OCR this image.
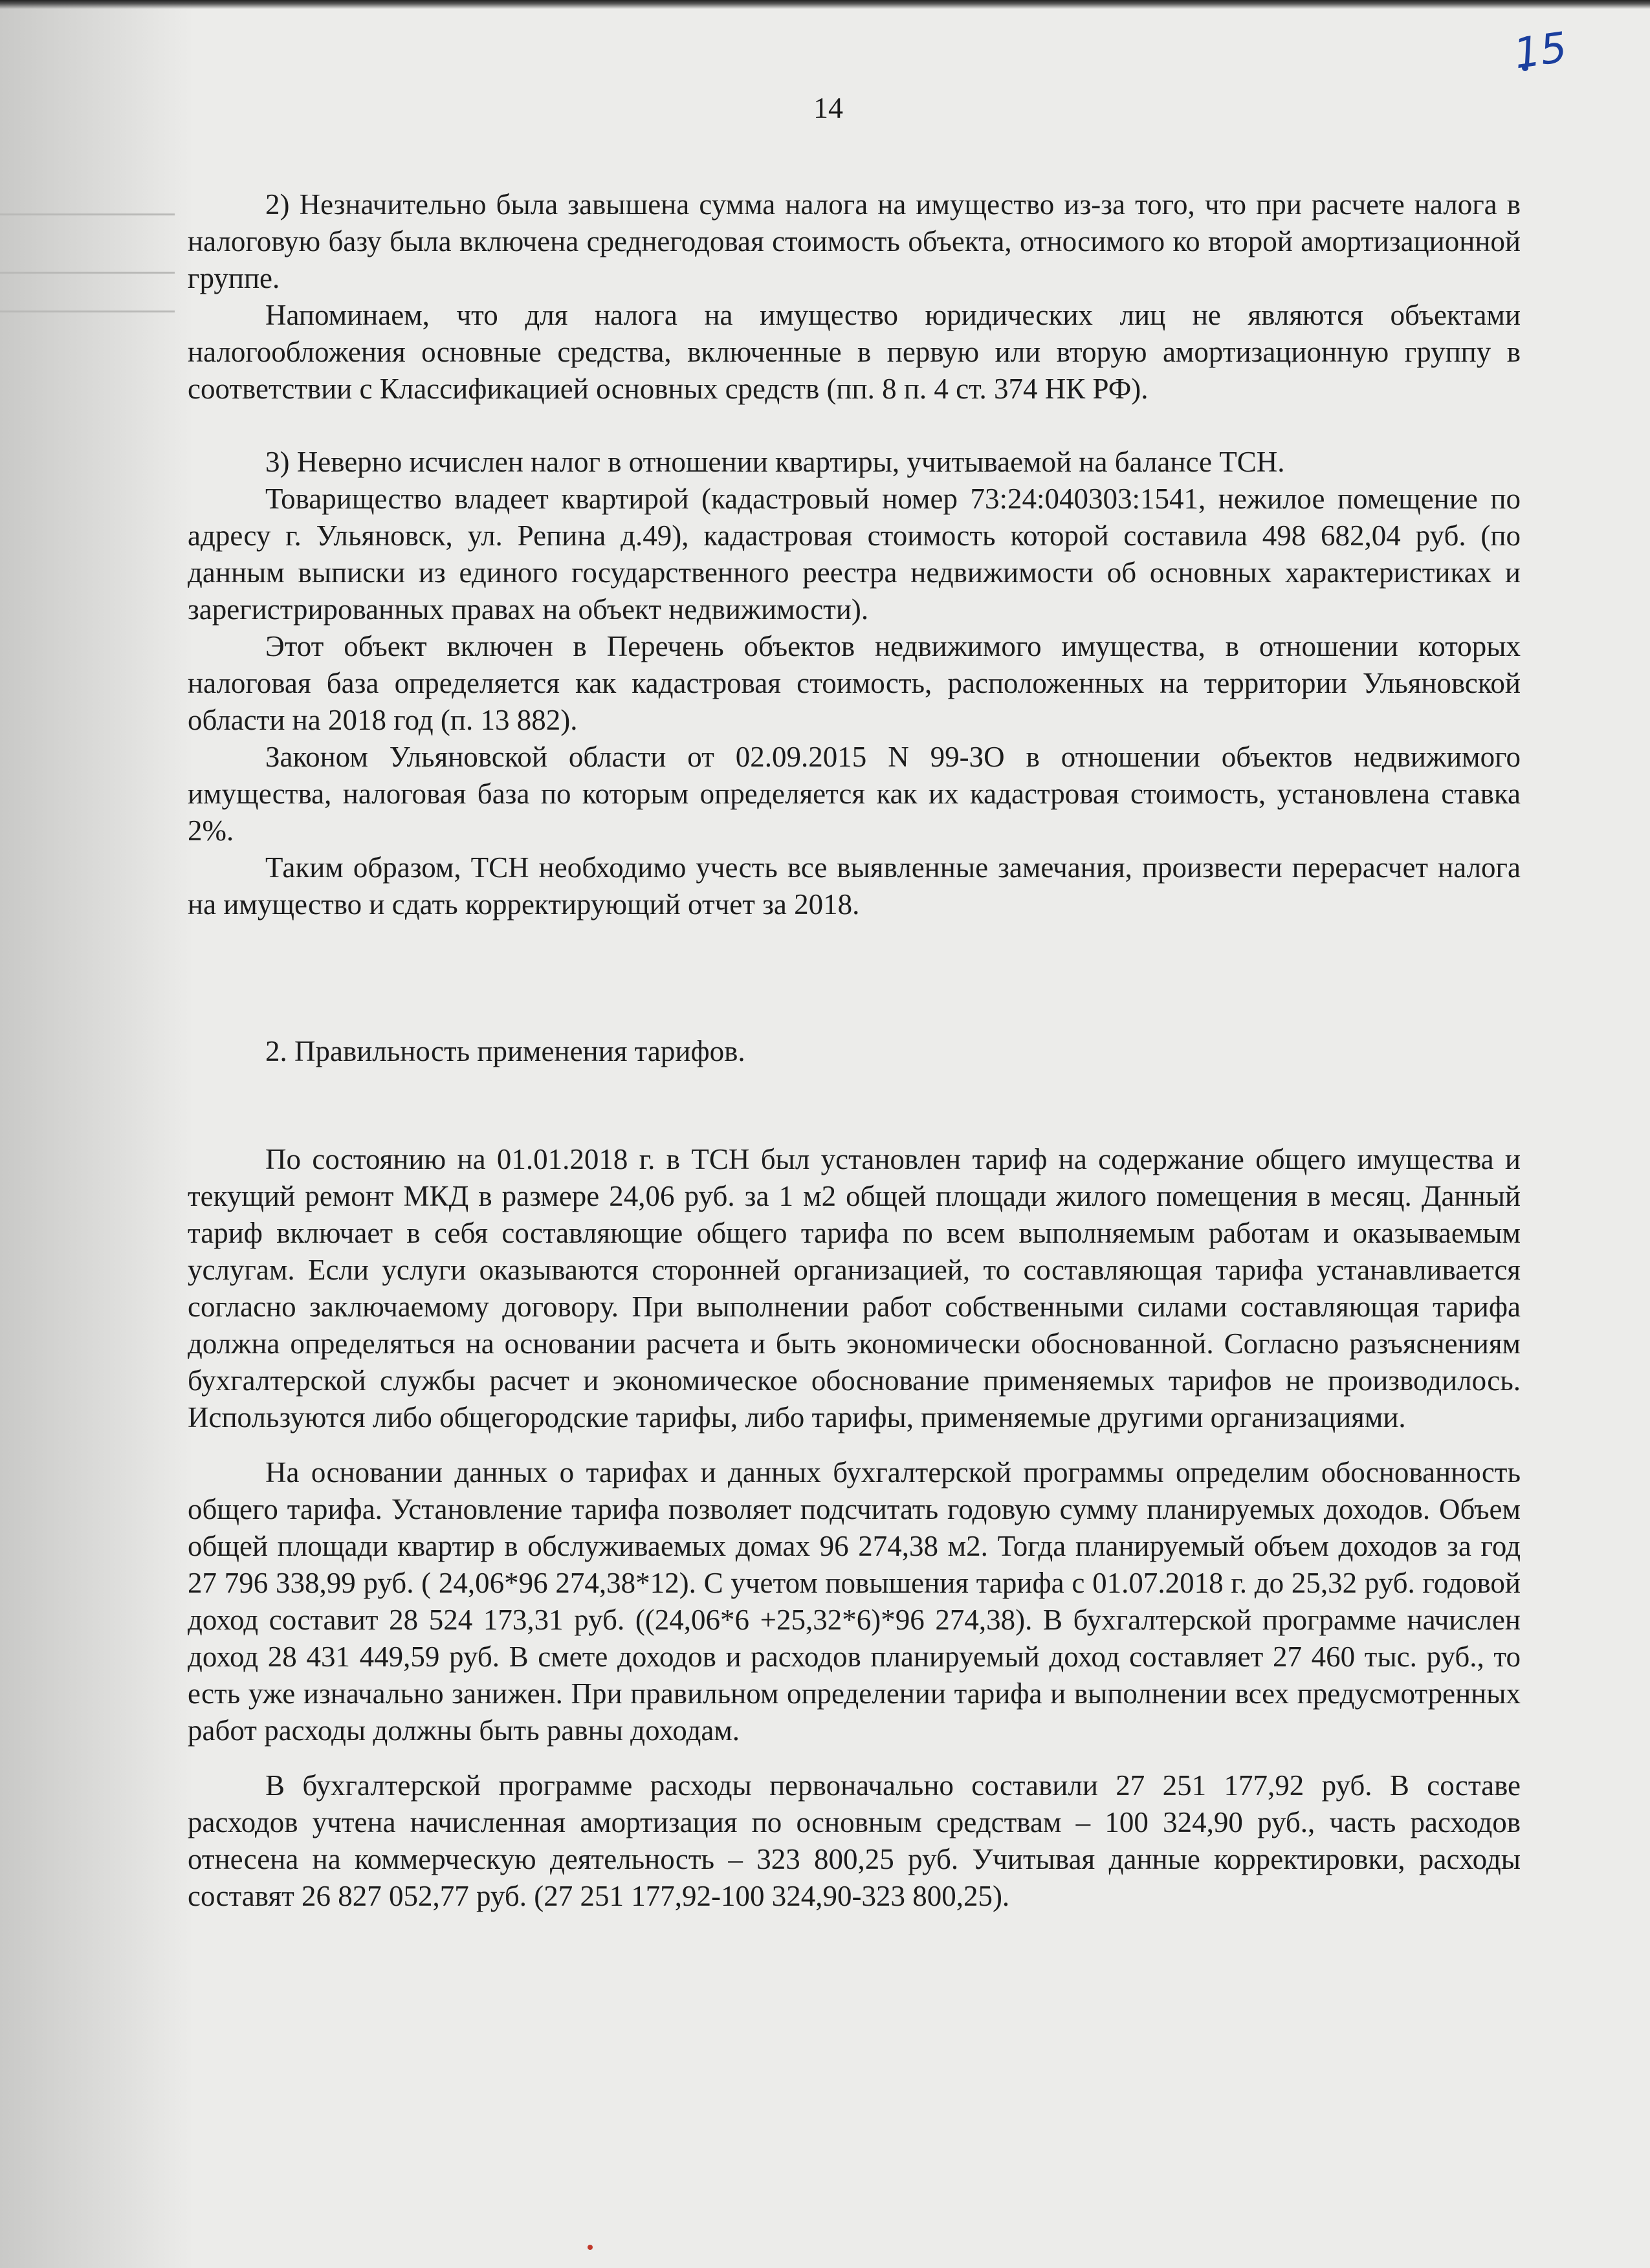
15
14

2) Незначительно была завышена сумма налога на имущество из-за того, что при расчете налога в налоговую базу была включена среднегодовая стоимость объекта, относимого ко второй амортизационной группе.

Напоминаем, что для налога на имущество юридических лиц не являются объектами налогообложения основные средства, включенные в первую или вторую амортизационную группу в соответствии с Классификацией основных средств (пп. 8 п. 4 ст. 374 НК РФ).

3) Неверно исчислен налог в отношении квартиры, учитываемой на балансе ТСН.

Товарищество владеет квартирой (кадастровый номер 73:24:040303:1541, нежилое помещение по адресу г. Ульяновск, ул. Репина д.49), кадастровая стоимость которой составила 498 682,04 руб. (по данным выписки из единого государственного реестра недвижимости об основных характеристиках и зарегистрированных правах на объект недвижимости).

Этот объект включен в Перечень объектов недвижимого имущества, в отношении которых налоговая база определяется как кадастровая стоимость, расположенных на территории Ульяновской области на 2018 год (п. 13 882).

Законом Ульяновской области от 02.09.2015 N 99-ЗО в отношении объектов недвижимого имущества, налоговая база по которым определяется как их кадастровая стоимость, установлена ставка 2%.

Таким образом, ТСН необходимо учесть все выявленные замечания, произвести перерасчет налога на имущество и сдать корректирующий отчет за 2018.

2. Правильность применения тарифов.

По состоянию на 01.01.2018 г. в ТСН был установлен тариф на содержание общего имущества и текущий ремонт МКД в размере 24,06 руб. за 1 м2 общей площади жилого помещения в месяц. Данный тариф включает в себя составляющие общего тарифа по всем выполняемым работам и оказываемым услугам. Если услуги оказываются сторонней организацией, то составляющая тарифа устанавливается согласно заключаемому договору. При выполнении работ собственными силами составляющая тарифа должна определяться на основании расчета и быть экономически обоснованной. Согласно разъяснениям бухгалтерской службы расчет и экономическое обоснование применяемых тарифов не производилось. Используются либо общегородские тарифы, либо тарифы, применяемые другими организациями.

На основании данных о тарифах и данных бухгалтерской программы определим обоснованность общего тарифа. Установление тарифа позволяет подсчитать годовую сумму планируемых доходов. Объем общей площади квартир в обслуживаемых домах 96 274,38 м2. Тогда планируемый объем доходов за год 27 796 338,99 руб. ( 24,06*96 274,38*12). С учетом повышения тарифа с 01.07.2018 г. до 25,32 руб. годовой доход составит 28 524 173,31 руб. ((24,06*6 +25,32*6)*96 274,38). В бухгалтерской программе начислен доход 28 431 449,59 руб. В смете доходов и расходов планируемый доход составляет 27 460 тыс. руб., то есть уже изначально занижен. При правильном определении тарифа и выполнении всех предусмотренных работ расходы должны быть равны доходам.

В бухгалтерской программе расходы первоначально составили 27 251 177,92 руб. В составе расходов учтена начисленная амортизация по основным средствам – 100 324,90 руб., часть расходов отнесена на коммерческую деятельность – 323 800,25 руб. Учитывая данные корректировки, расходы составят 26 827 052,77 руб. (27 251 177,92-100 324,90-323 800,25).
